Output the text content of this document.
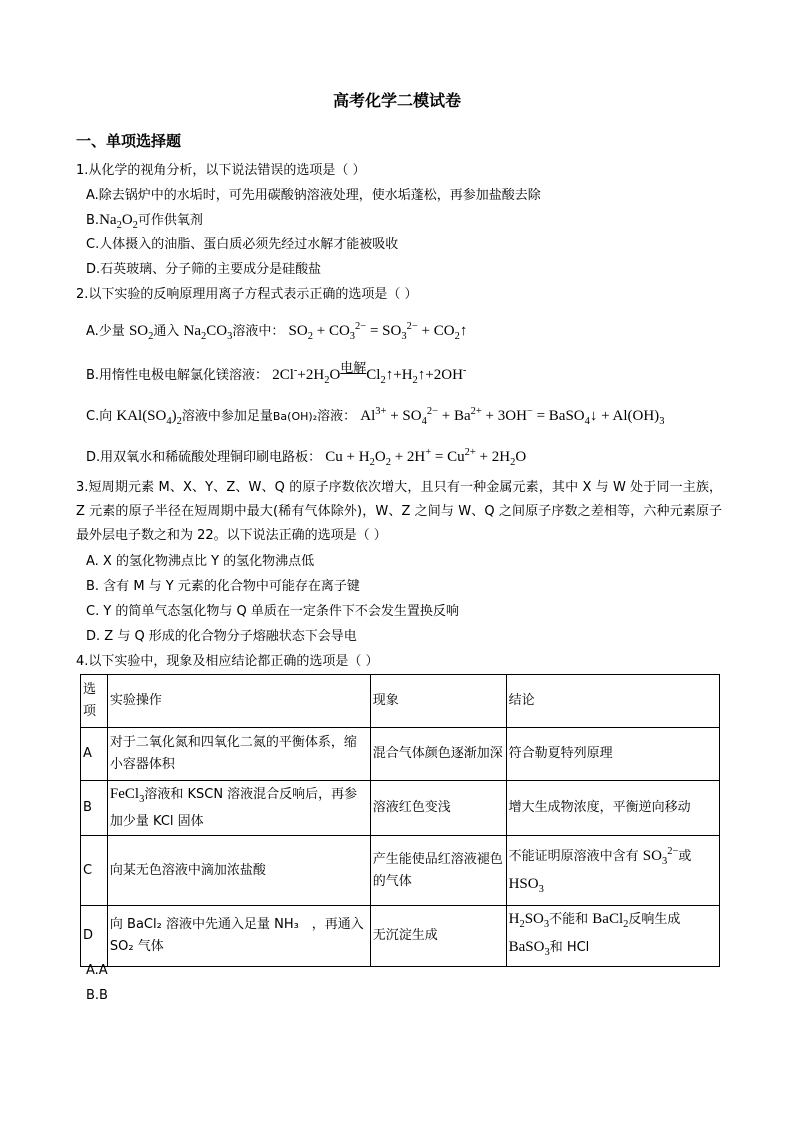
高考化学二模试卷
一、单项选择题
1.从化学的视角分析，以下说法错误的选项是（ ）
A.除去锅炉中的水垢时，可先用碳酸钠溶液处理，使水垢蓬松，再参加盐酸去除
$B.Na_2O_2$可作供氧剂
C.人体摄入的油脂、蛋白质必须先经过水解才能被吸收
D.石英玻璃、分子筛的主要成分是硅酸盐
2.以下实验的反响原理用离子方程式表示正确的选项是（ ）
A.少量 $SO_2$通入 $Na_2CO_3$溶液中： $SO_2 + CO_3^{2-} = SO_3^{2-}$ + $CO_2↑$
B.用惰性电极电解氯化镁溶液： $2Cl^-+2H_2O$电解$Cl_2↑+H_2↑+2OH^-$
C.向 $KAl(SO_4)_2$溶液中参加足量Ba(OH)₂溶液： $Al^{3+} + SO_4^{2-} + Ba^{2+} + 3OH^-$ = BaSO$_4$↓ + $Al(OH)_3$
D.用双氧水和稀硫酸处理铜印刷电路板： $Cu + H_2O_2 + 2H^+ = Cu^{2+} + 2H_2O$
3.短周期元素 M、X、Y、Z、W、Q 的原子序数依次增大，且只有一种金属元素，其中 X 与 W 处于同一主族，Z 元素的原子半径在短周期中最大(稀有气体除外)，W、Z 之间与 W、Q 之间原子序数之差相等，六种元素原子最外层电子数之和为 22。以下说法正确的选项是（ ）
A. X 的氢化物沸点比 Y 的氢化物沸点低
B. 含有 M 与 Y 元素的化合物中可能存在离子键
C. Y 的简单气态氢化物与 Q 单质在一定条件下不会发生置换反响
D. Z 与 Q 形成的化合物分子熔融状态下会导电
4.以下实验中，现象及相应结论都正确的选项是（ ）
选项	实验操作	现象	结论
A	对于二氧化氮和四氧化二氮的平衡体系，缩小容器体积	混合气体颜色逐渐加深	符合勒夏特列原理
B	FeCl$_3$溶液和 KSCN 溶液混合反响后，再参加少量 KCl 固体	溶液红色变浅	增大生成物浓度，平衡逆向移动
C	向某无色溶液中滴加浓盐酸	产生能使品红溶液褪色的气体	不能证明原溶液中含有 $SO_3^{2-}$或
$HSO_3$
D	向 BaCl₂ 溶液中先通入足量 NH₃　，再通入 SO₂ 气体	无沉淀生成	$H_2SO_3$不能和 BaCl$_2$反响生成
BaSO$_3$和 HCl
A.A
B.B
